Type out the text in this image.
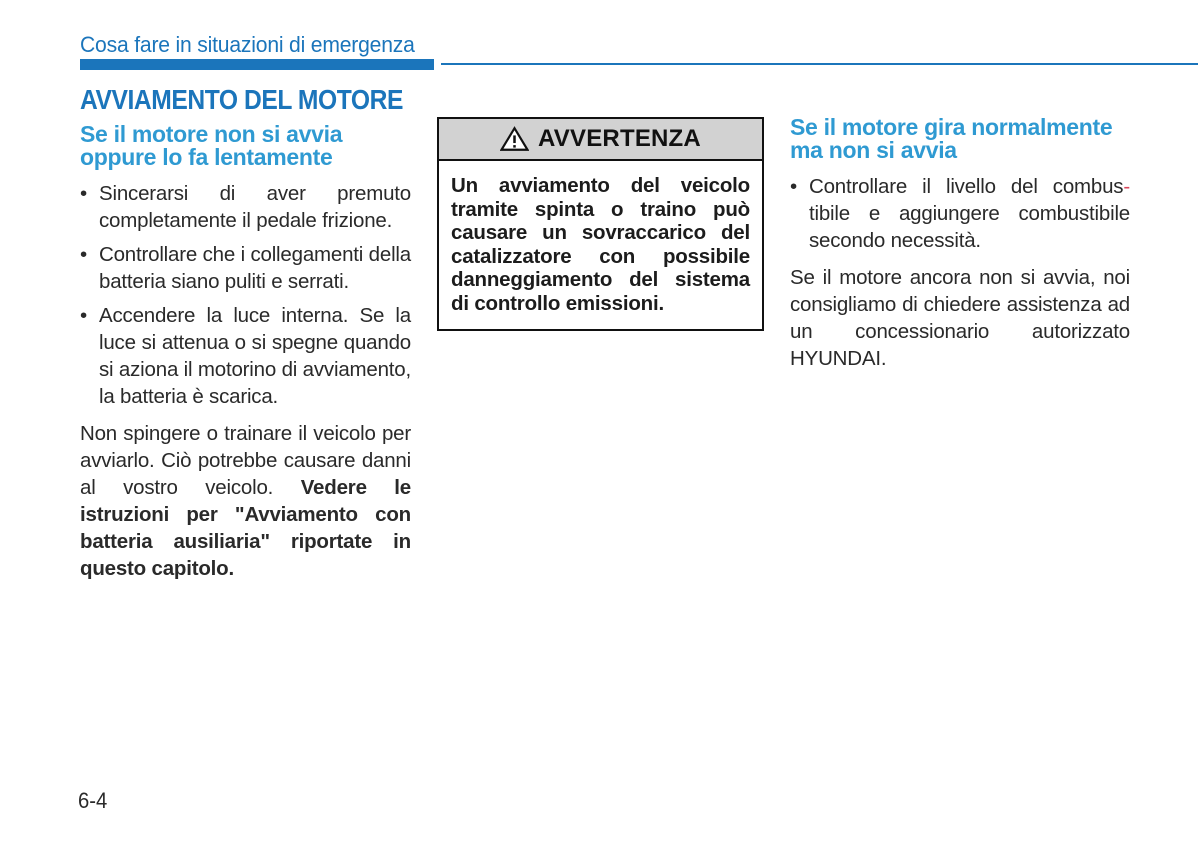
Cosa fare in situazioni di emergenza
AVVIAMENTO DEL MOTORE
Se il motore non si avvia oppure lo fa lentamente
• Sincerarsi di aver premuto completamente il pedale frizione.
• Controllare che i collegamenti della batteria siano puliti e serrati.
• Accendere la luce interna. Se la luce si attenua o si spegne quando si aziona il motorino di avviamento, la batteria è scarica.

Non spingere o trainare il veicolo per avviarlo. Ciò potrebbe causare danni al vostro veicolo. Vedere le istruzioni per "Avviamento con batteria ausiliaria" riportate in questo capitolo.

AVVERTENZA
Un avviamento del veicolo tramite spinta o traino può causare un sovraccarico del catalizzatore con possibile danneggiamento del sistema di controllo emissioni.
Se il motore gira normalmente ma non si avvia
• Controllare il livello del combus-tibile e aggiungere combustibile secondo necessità.

Se il motore ancora non si avvia, noi consigliamo di chiedere assistenza ad un concessionario autorizzato HYUNDAI.

6-4
